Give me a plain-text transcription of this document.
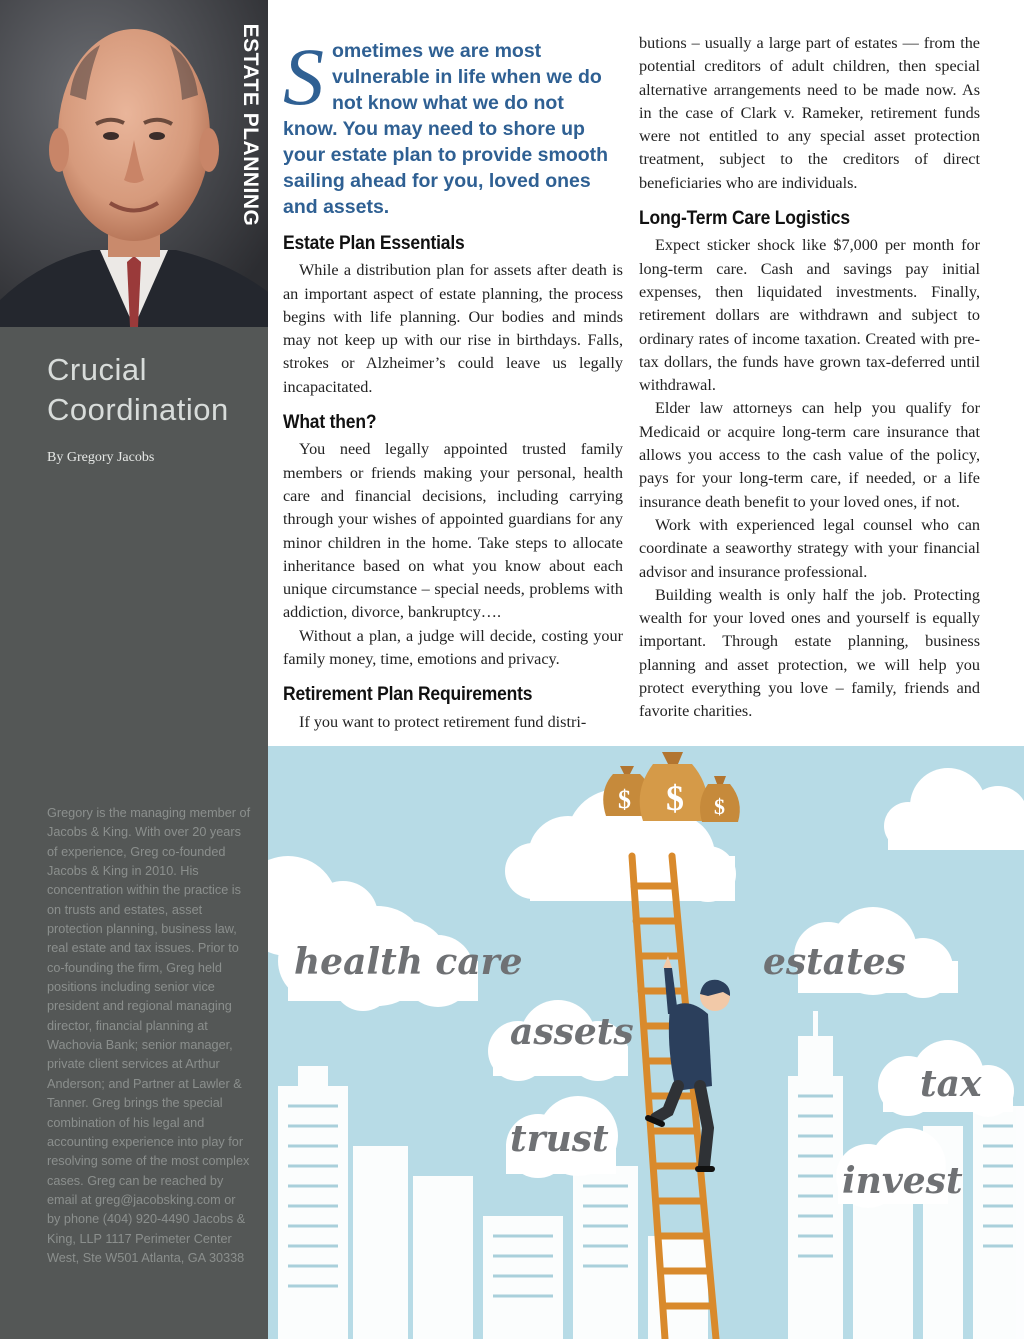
ESTATE PLANNING
Crucial
Coordination
By Gregory Jacobs
Gregory is the managing member of Jacobs & King. With over 20 years of experience, Greg co-founded Jacobs & King in 2010. His concentration within the practice is on trusts and estates, asset protection planning, business law, real estate and tax issues. Prior to co-founding the firm, Greg held positions including senior vice president and regional managing director, financial planning at Wachovia Bank; senior manager, private client services at Arthur Anderson; and Partner at Lawler & Tanner. Greg brings the special combination of his legal and accounting experience into play for resolving some of the most complex cases. Greg can be reached by email at greg@jacobsking.com or by phone (404) 920-4490 Jacobs & King, LLP 1117 Perimeter Center West, Ste W501 Atlanta, GA 30338
S ometimes we are most vulnerable in life when we do not know what we do not know. You may need to shore up your estate plan to provide smooth sailing ahead for you, loved ones and assets.
Estate Plan Essentials

While a distribution plan for assets after death is an important aspect of estate planning, the process begins with life planning. Our bodies and minds may not keep up with our rise in birthdays. Falls, strokes or Alzheimer’s could leave us legally incapacitated.

What then?

You need legally appointed trusted family members or friends making your personal, health care and financial decisions, including carrying through your wishes of appointed guardians for any minor children in the home. Take steps to allocate inheritance based on what you know about each unique circumstance – special needs, problems with addiction, divorce, bankruptcy….

Without a plan, a judge will decide, costing your family money, time, emotions and privacy.

Retirement Plan Requirements

If you want to protect retirement fund distri-

butions – usually a large part of estates — from the potential creditors of adult children, then special alternative arrangements need to be made now. As in the case of Clark v. Rameker, retirement funds were not entitled to any special asset protection treatment, subject to the creditors of direct beneficiaries who are individuals.

Long-Term Care Logistics

Expect sticker shock like $7,000 per month for long-term care. Cash and savings pay initial expenses, then liquidated investments. Finally, retirement dollars are withdrawn and subject to ordinary rates of income taxation. Created with pre-tax dollars, the funds have grown tax-deferred until withdrawal.

Elder law attorneys can help you qualify for Medicaid or acquire long-term care insurance that allows you access to the cash value of the policy, pays for your long-term care, if needed, or a life insurance death benefit to your loved ones, if not.

Work with experienced legal counsel who can coordinate a seaworthy strategy with your financial advisor and insurance professional.

Building wealth is only half the job. Protecting wealth for your loved ones and yourself is equally important. Through estate planning, business planning and asset protection, we will help you protect everything you love – family, friends and favorite charities.

$ $ $
health care
assets
trust
estates
tax
invest
